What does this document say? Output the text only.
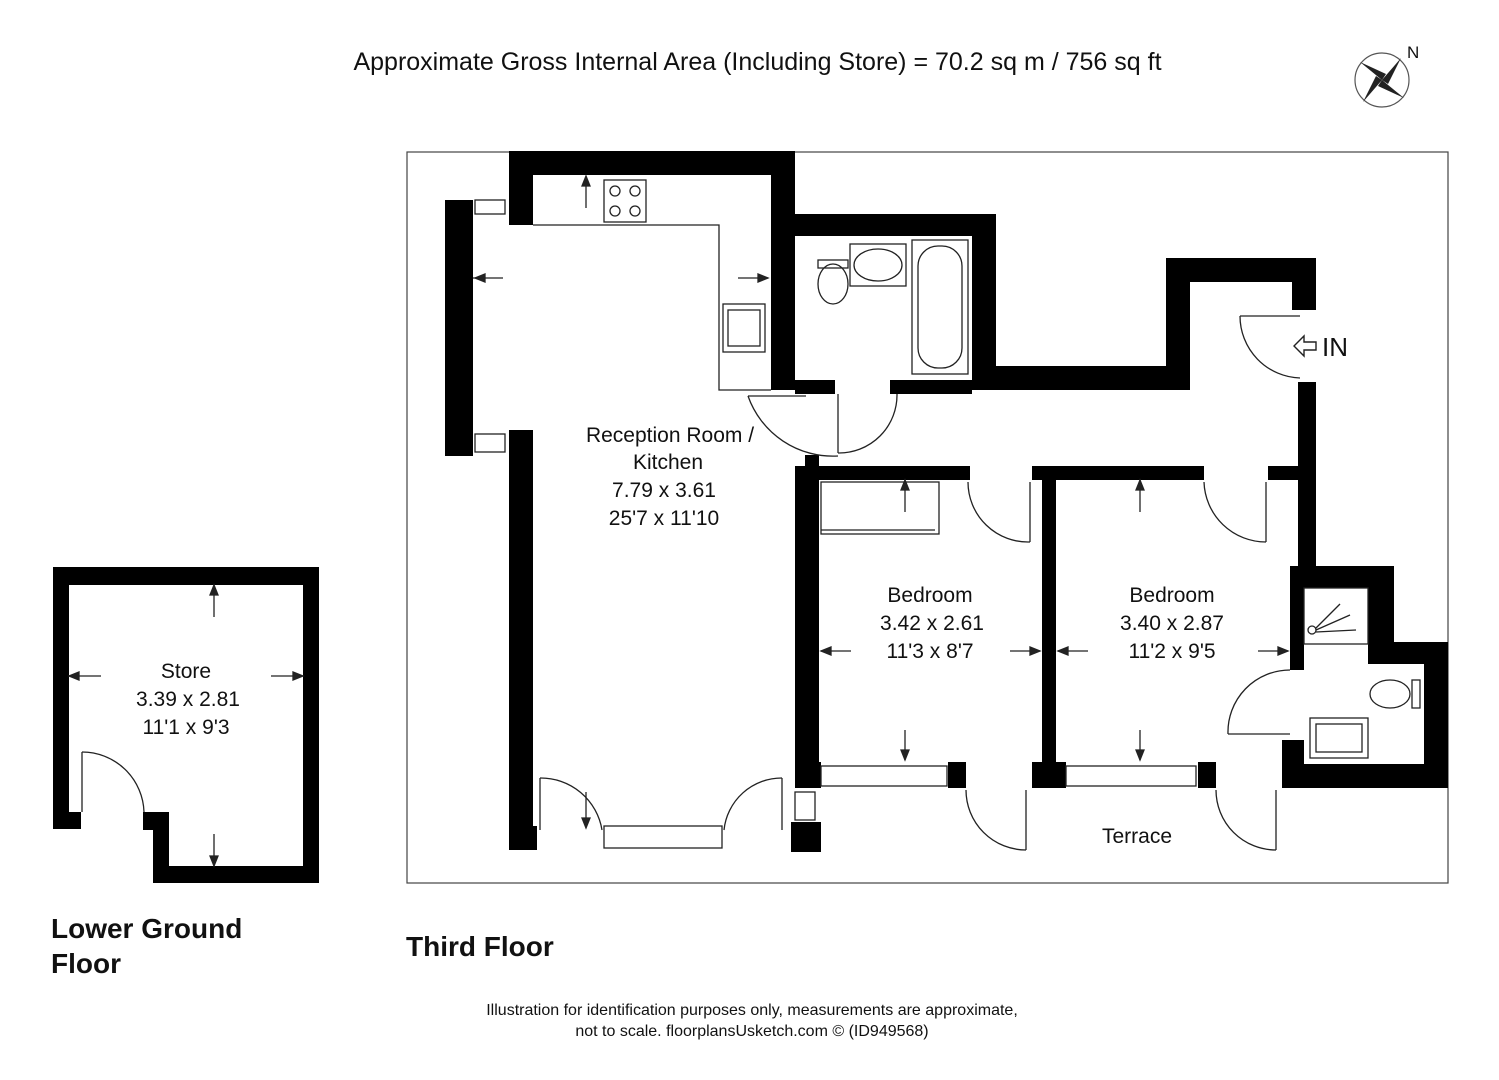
Approximate Gross Internal Area (Including Store) = 70.2 sq m / 756 sq ft	N
IN
Reception Room /
Kitchen
7.79 x 3.61
25'7 x 11'10
Bedroom
3.42 x 2.61
11'3 x 8'7
Bedroom
3.40 x 2.87
11'2 x 9'5
Terrace
Store
3.39 x 2.81
11'1 x 9'3
Lower Ground
Floor
Third Floor
Illustration for identification purposes only, measurements are approximate,
not to scale. floorplansUsketch.com © (ID949568)
